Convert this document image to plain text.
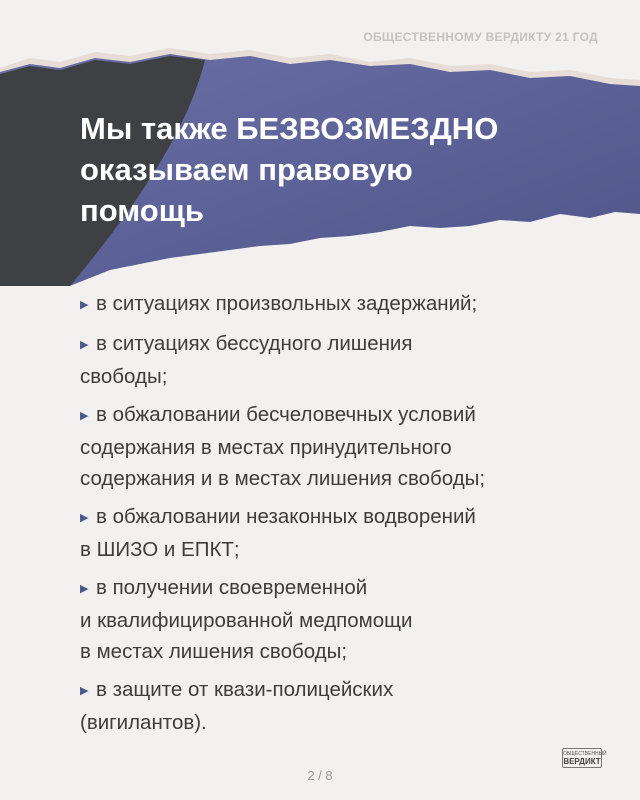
ОБЩЕСТВЕННОМУ ВЕРДИКТУ 21 ГОД
Мы также БЕЗВОЗМЕЗДНО
оказываем правовую
помощь
▶ в ситуациях произвольных задержаний;
▶ в ситуациях бессудного лишения
свободы;
▶ в обжаловании бесчеловечных условий
содержания в местах принудительного
содержания и в местах лишения свободы;
▶ в обжаловании незаконных водворений
в ШИЗО и ЕПКТ;
▶ в получении своевременной
и квалифицированной медпомощи
в местах лишения свободы;
▶ в защите от квази-полицейских
(вигилантов).
ОБЩЕСТВЕННЫЙ
ВЕРДИКТ
2 / 8
